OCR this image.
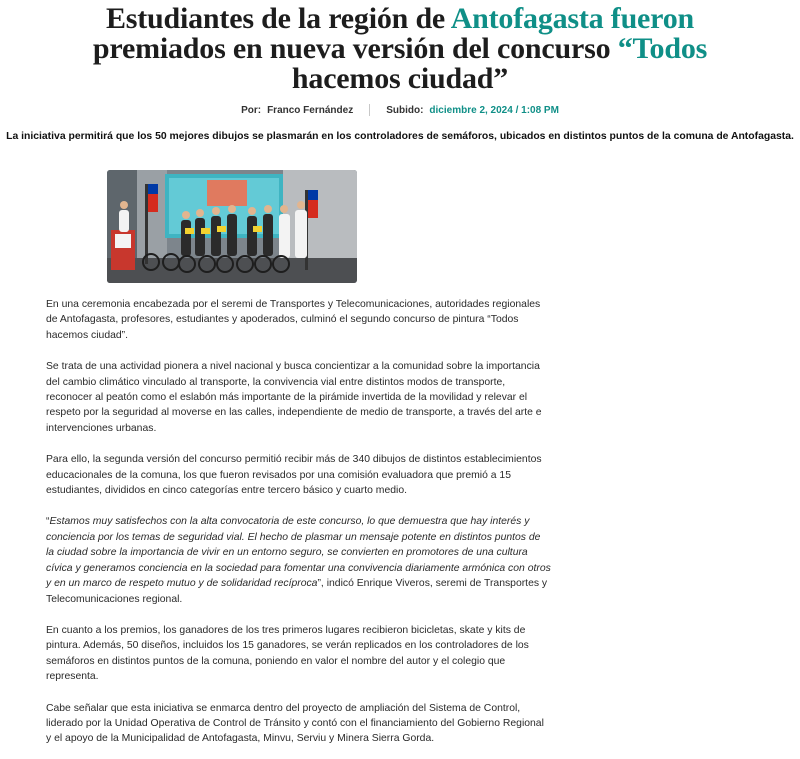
Estudiantes de la región de Antofagasta fueron
premiados en nueva versión del concurso “Todos
hacemos ciudad”
Por: Franco Fernández	Subido: diciembre 2, 2024 / 1:08 PM
La iniciativa permitirá que los 50 mejores dibujos se plasmarán en los controladores de semáforos, ubicados en distintos puntos de la comuna de Antofagasta.

En una ceremonia encabezada por el seremi de Transportes y Telecomunicaciones, autoridades regionales de Antofagasta, profesores, estudiantes y apoderados, culminó el segundo concurso de pintura “Todos hacemos ciudad”.

Se trata de una actividad pionera a nivel nacional y busca concientizar a la comunidad sobre la importancia del cambio climático vinculado al transporte, la convivencia vial entre distintos modos de transporte, reconocer al peatón como el eslabón más importante de la pirámide invertida de la movilidad y relevar el respeto por la seguridad al moverse en las calles, independiente de medio de transporte, a través del arte e intervenciones urbanas.

Para ello, la segunda versión del concurso permitió recibir más de 340 dibujos de distintos establecimientos educacionales de la comuna, los que fueron revisados por una comisión evaluadora que premió a 15 estudiantes, divididos en cinco categorías entre tercero básico y cuarto medio.

“Estamos muy satisfechos con la alta convocatoria de este concurso, lo que demuestra que hay interés y conciencia por los temas de seguridad vial. El hecho de plasmar un mensaje potente en distintos puntos de la ciudad sobre la importancia de vivir en un entorno seguro, se convierten en promotores de una cultura cívica y generamos conciencia en la sociedad para fomentar una convivencia diariamente armónica con otros y en un marco de respeto mutuo y de solidaridad recíproca”, indicó Enrique Viveros, seremi de Transportes y Telecomunicaciones regional.

En cuanto a los premios, los ganadores de los tres primeros lugares recibieron bicicletas, skate y kits de pintura. Además, 50 diseños, incluidos los 15 ganadores, se verán replicados en los controladores de los semáforos en distintos puntos de la comuna, poniendo en valor el nombre del autor y el colegio que representa.

Cabe señalar que esta iniciativa se enmarca dentro del proyecto de ampliación del Sistema de Control, liderado por la Unidad Operativa de Control de Tránsito y contó con el financiamiento del Gobierno Regional y el apoyo de la Municipalidad de Antofagasta, Minvu, Serviu y Minera Sierra Gorda.
